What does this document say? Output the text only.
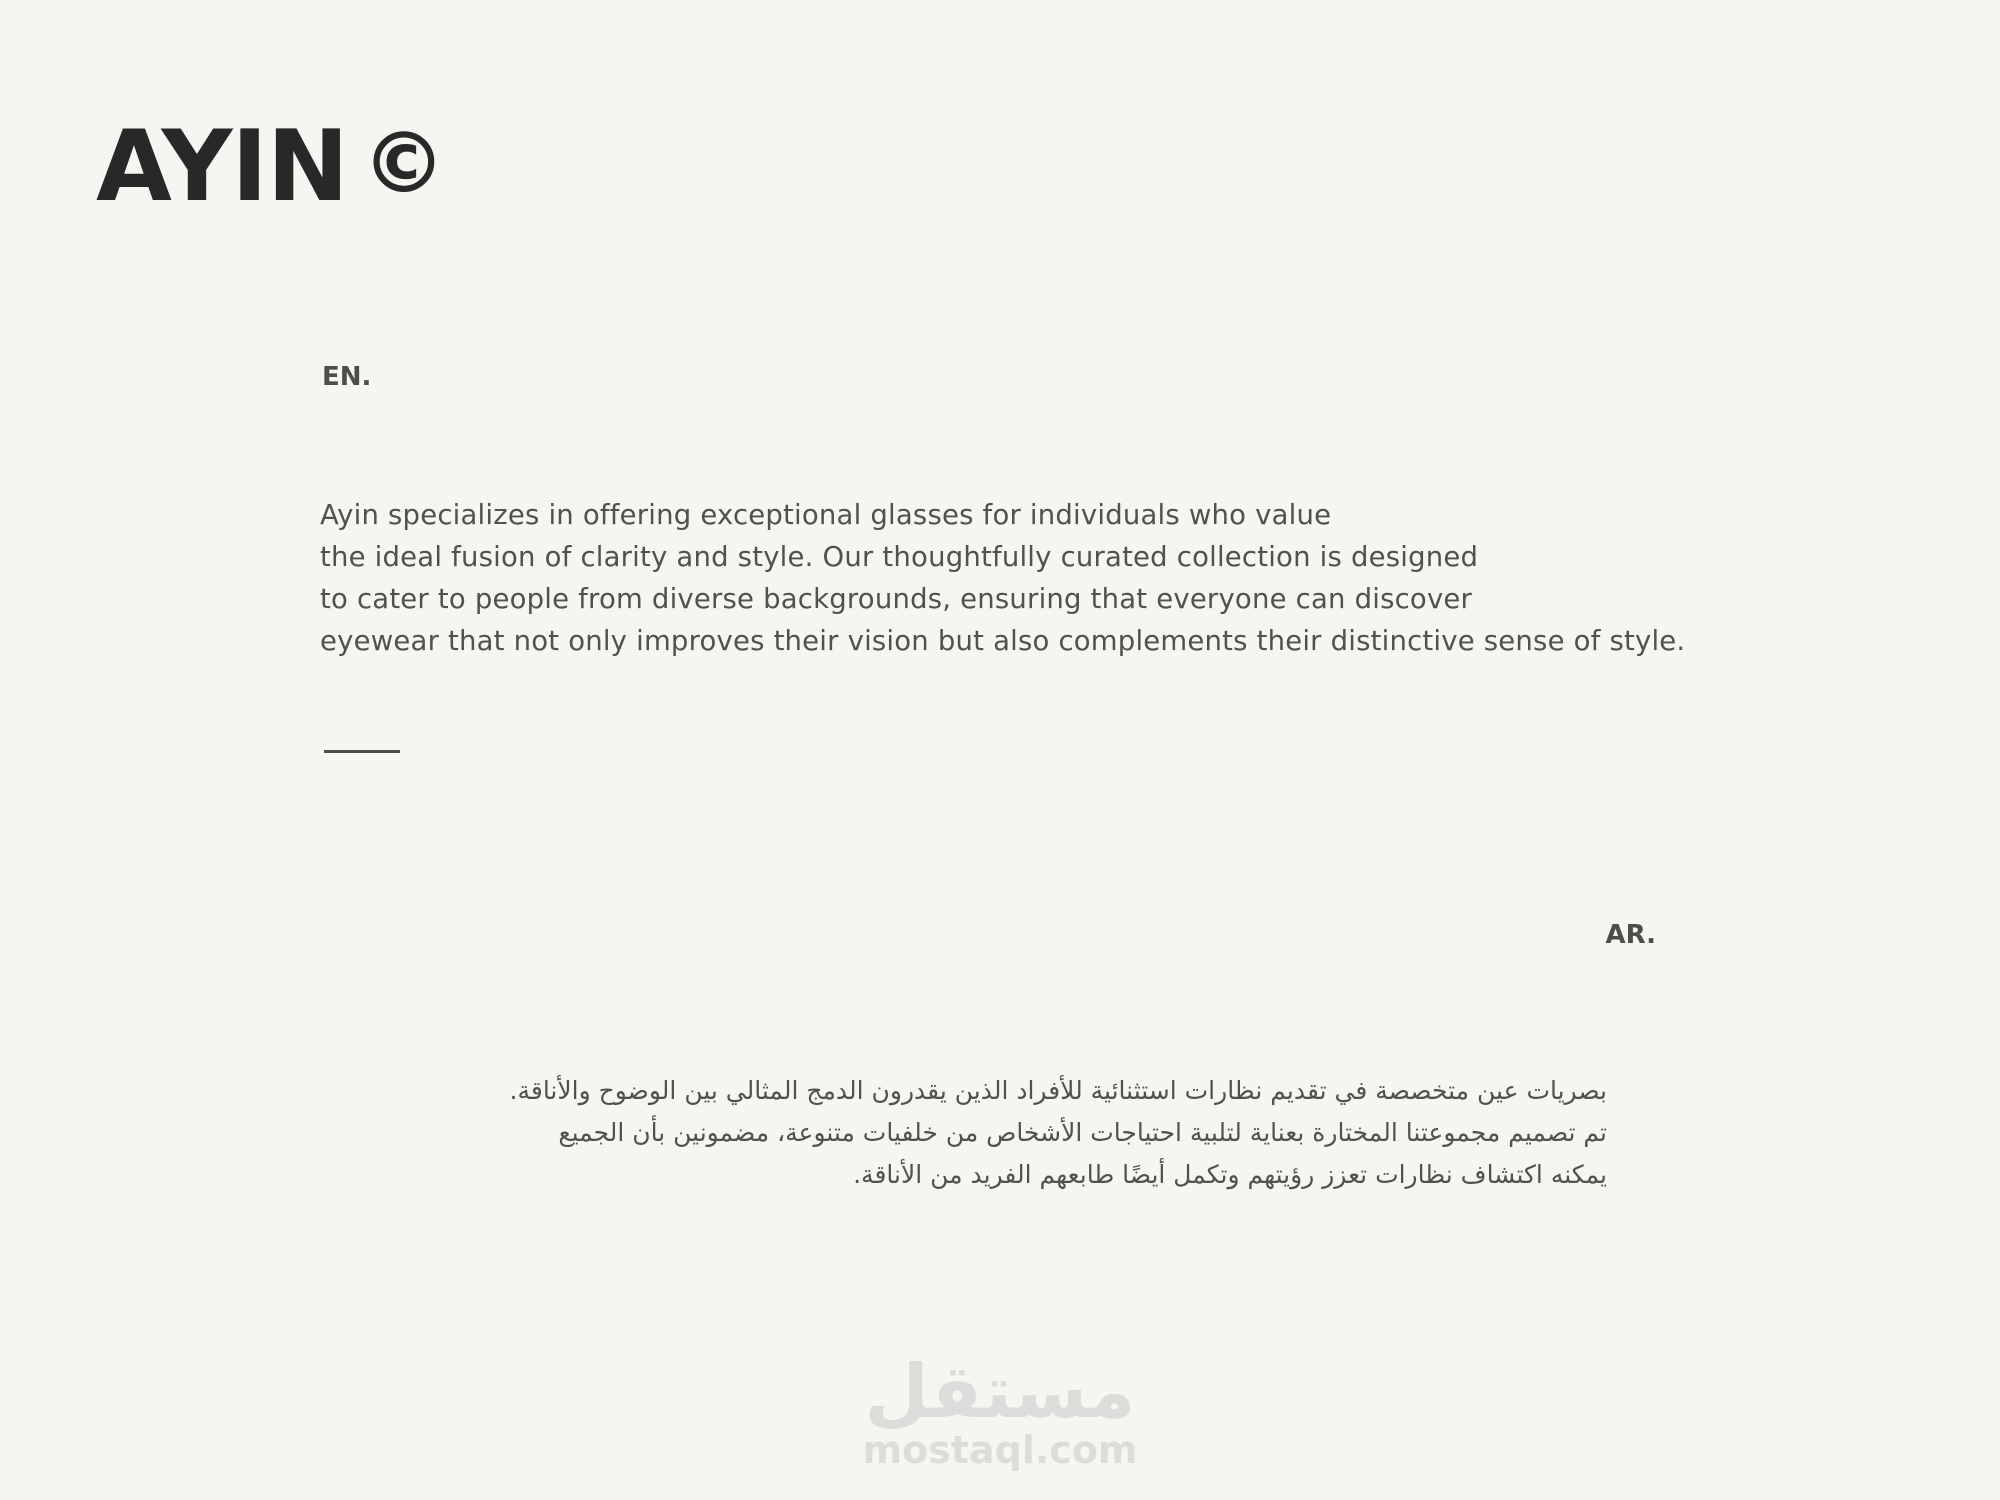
AYIN ©
EN.

Ayin specializes in offering exceptional glasses for individuals who value
the ideal fusion of clarity and style. Our thoughtfully curated collection is designed
to cater to people from diverse backgrounds, ensuring that everyone can discover
eyewear that not only improves their vision but also complements their distinctive sense of style.

AR.

بصريات عين متخصصة في تقديم نظارات استثنائية للأفراد الذين يقدرون الدمج المثالي بين الوضوح والأناقة.
تم تصميم مجموعتنا المختارة بعناية لتلبية احتياجات الأشخاص من خلفيات متنوعة، مضمونين بأن الجميع
يمكنه اكتشاف نظارات تعزز رؤيتهم وتكمل أيضًا طابعهم الفريد من الأناقة.

مستقل
mostaql.com
